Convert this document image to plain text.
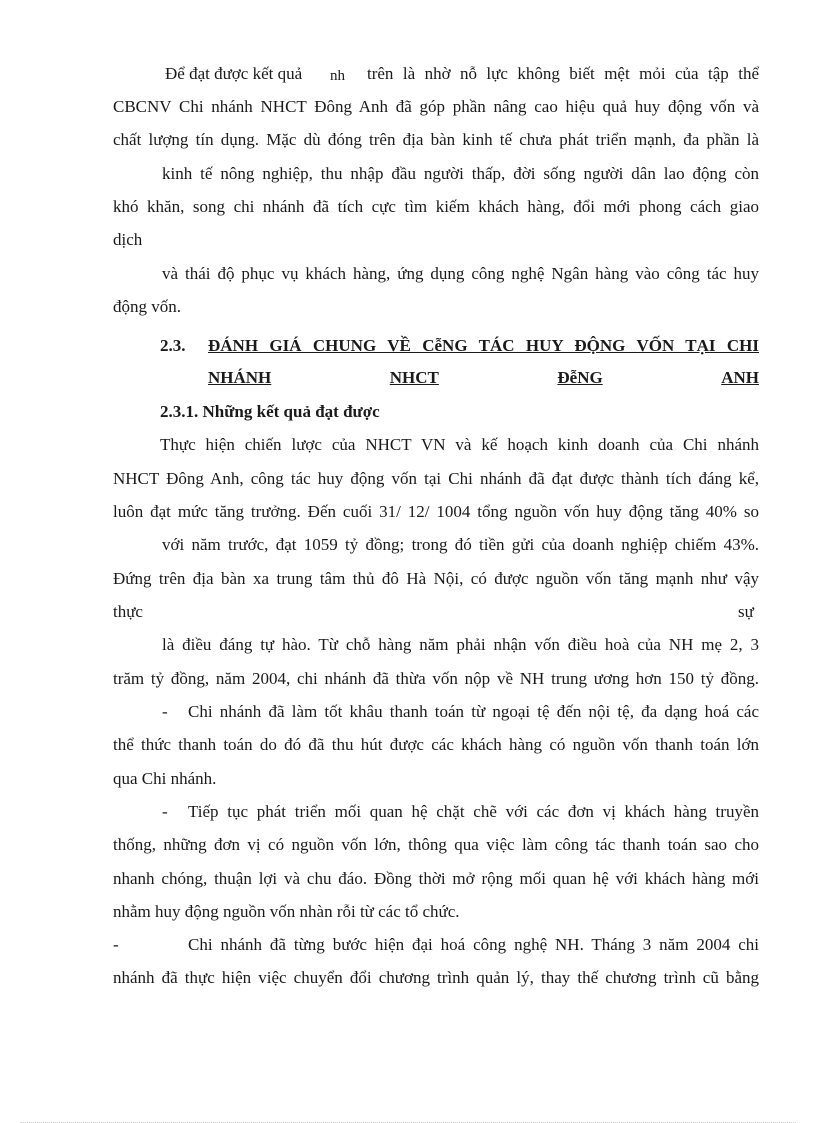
Để đạt được kết quả nh trên là nhờ nỗ lực không biết mệt mỏi của tập thể
CBCNV Chi nhánh NHCT Đông Anh đã góp phần nâng cao hiệu quả huy động vốn và
chất lượng tín dụng. Mặc dù đóng trên địa bàn kinh tế chưa phát triển mạnh, đa phần là
kinh tế nông nghiệp, thu nhập đầu người thấp, đời sống người dân lao động còn
khó khăn, song chi nhánh đã tích cực tìm kiếm khách hàng, đổi mới phong cách giao
dịch
và thái độ phục vụ khách hàng, ứng dụng công nghệ Ngân hàng vào công tác huy
động vốn.
2.3. ĐÁNH GIÁ CHUNG VỀ CễNG TÁC HUY ĐỘNG VỐN TẠI CHI
NHÁNH	NHCT	ĐễNG	ANH
2.3.1. Những kết quả đạt được
Thực hiện chiến lược của NHCT VN và kế hoạch kinh doanh của Chi nhánh
NHCT Đông Anh, công tác huy động vốn tại Chi nhánh đã đạt được thành tích đáng kể,
luôn đạt mức tăng trưởng. Đến cuối 31/ 12/ 1004 tổng nguồn vốn huy động tăng 40% so
với năm trước, đạt 1059 tỷ đồng; trong đó tiền gửi của doanh nghiệp chiếm 43%.
Đứng trên địa bàn xa trung tâm thủ đô Hà Nội, có được nguồn vốn tăng mạnh như vậy
thực	sự
là điều đáng tự hào. Từ chỗ hàng năm phải nhận vốn điều hoà của NH mẹ 2, 3
trăm tỷ đồng, năm 2004, chi nhánh đã thừa vốn nộp về NH trung ương hơn 150 tỷ đồng.
- Chi nhánh đã làm tốt khâu thanh toán từ ngoại tệ đến nội tệ, đa dạng hoá các
thể thức thanh toán do đó đã thu hút được các khách hàng có nguồn vốn thanh toán lớn
qua Chi nhánh.
- Tiếp tục phát triển mối quan hệ chặt chẽ với các đơn vị khách hàng truyền
thống, những đơn vị có nguồn vốn lớn, thông qua việc làm công tác thanh toán sao cho
nhanh chóng, thuận lợi và chu đáo. Đồng thời mở rộng mối quan hệ với khách hàng mới
nhằm huy động nguồn vốn nhàn rỗi từ các tổ chức.
-	Chi nhánh đã từng bước hiện đại hoá công nghệ NH. Tháng 3 năm 2004 chi
nhánh đã thực hiện việc chuyển đổi chương trình quản lý, thay thế chương trình cũ bằng
